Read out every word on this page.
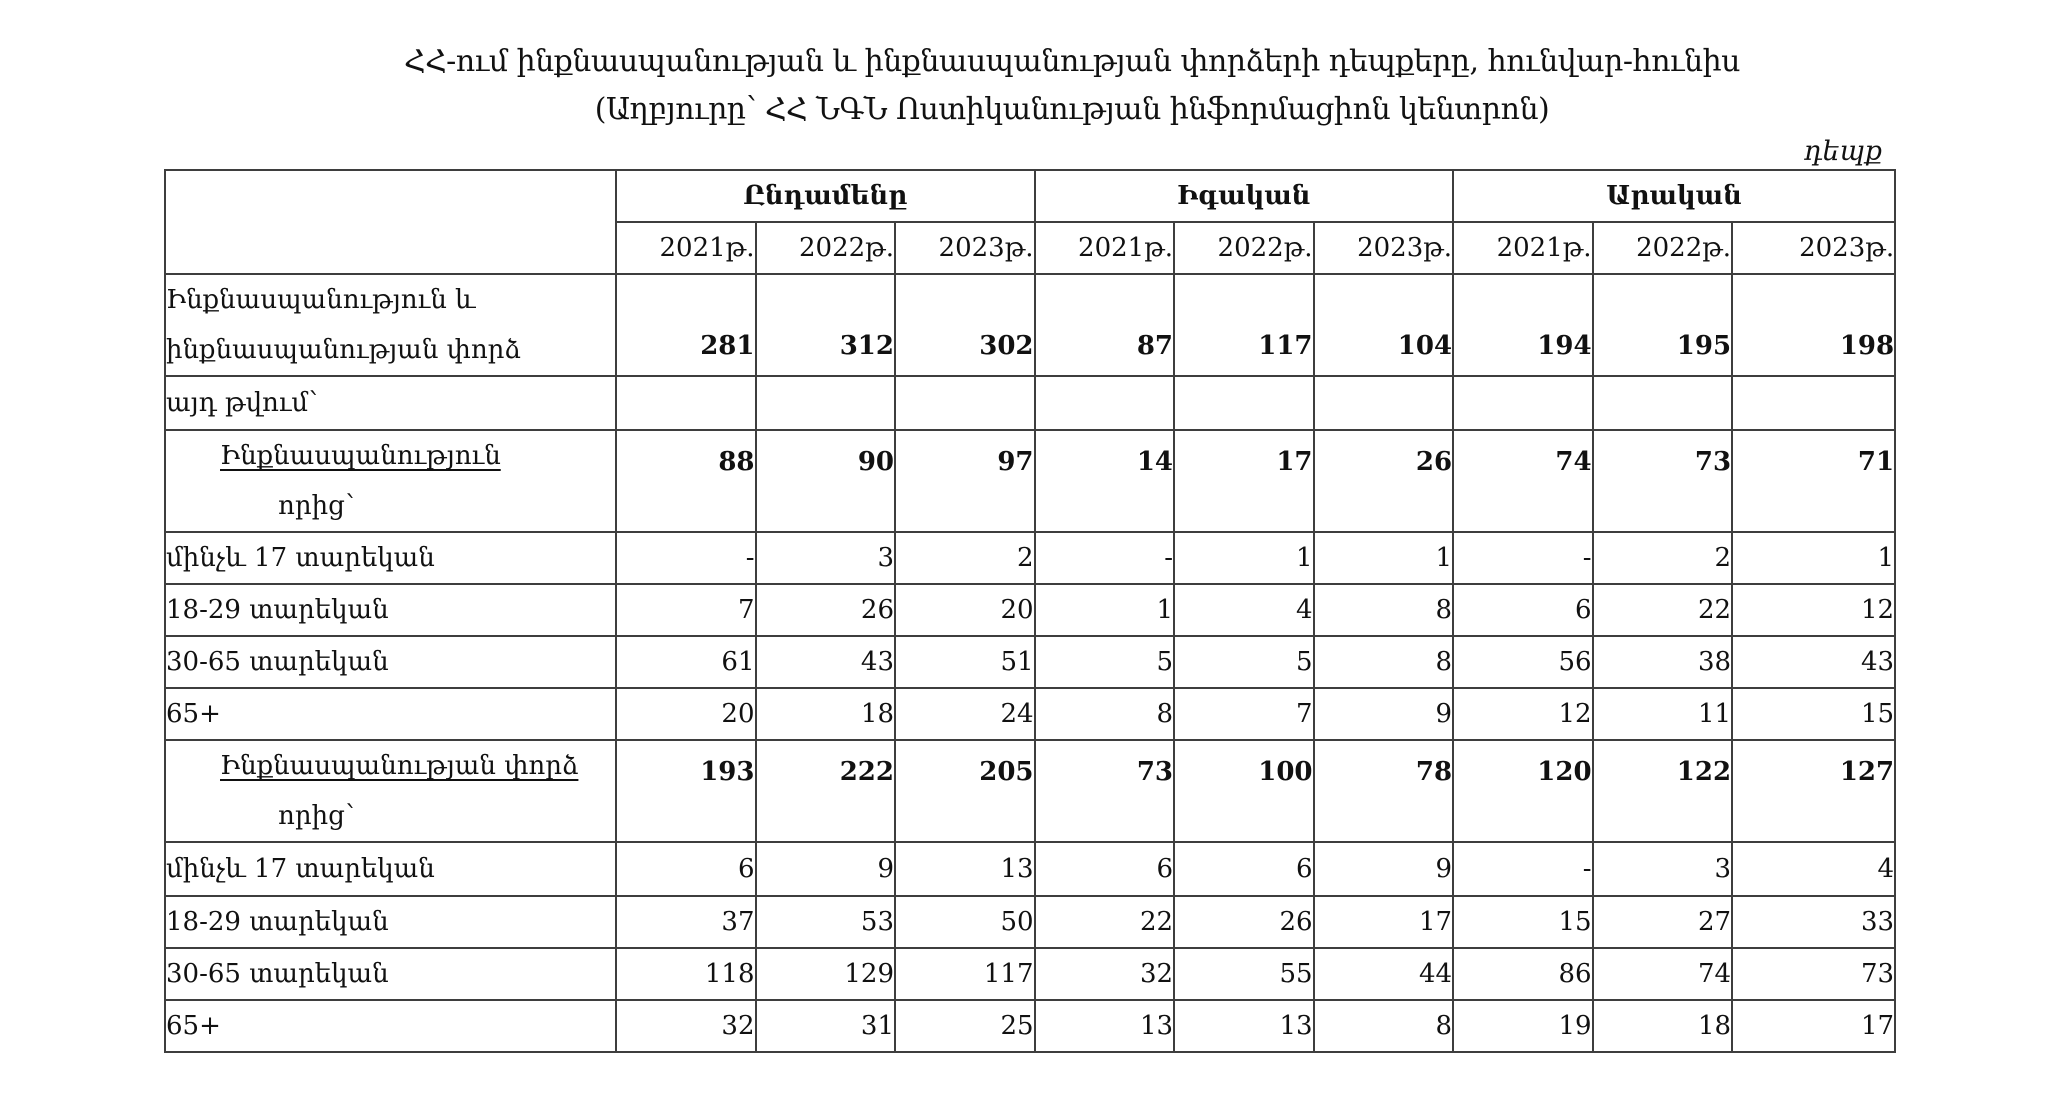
ՀՀ-ում ինքնասպանության և ինքնասպանության փորձերի դեպքերը, հունվար-հունիս
(Աղբյուրը՝ ՀՀ ՆԳՆ Ոստիկանության ինֆորմացիոն կենտրոն)
դեպք
	Ընդամենը			Իգական			Արական		
	2021թ.	2022թ.	2023թ.	2021թ.	2022թ.	2023թ.	2021թ.	2022թ.	2023թ.

Ինքնասպանություն և
ինքնասպանության փորձ	281	312	302	87	117	104	194	195	198
այդ թվում՝									

Ինքնասպանություն
որից՝	88	90	97	14	17	26	74	73	71
մինչև 17 տարեկան	-	3	2	-	1	1	-	2	1
18-29 տարեկան	7	26	20	1	4	8	6	22	12
30-65 տարեկան	61	43	51	5	5	8	56	38	43
65+	20	18	24	8	7	9	12	11	15

Ինքնասպանության փորձ
որից՝	193	222	205	73	100	78	120	122	127
մինչև 17 տարեկան	6	9	13	6	6	9	-	3	4
18-29 տարեկան	37	53	50	22	26	17	15	27	33
30-65 տարեկան	118	129	117	32	55	44	86	74	73
65+	32	31	25	13	13	8	19	18	17
